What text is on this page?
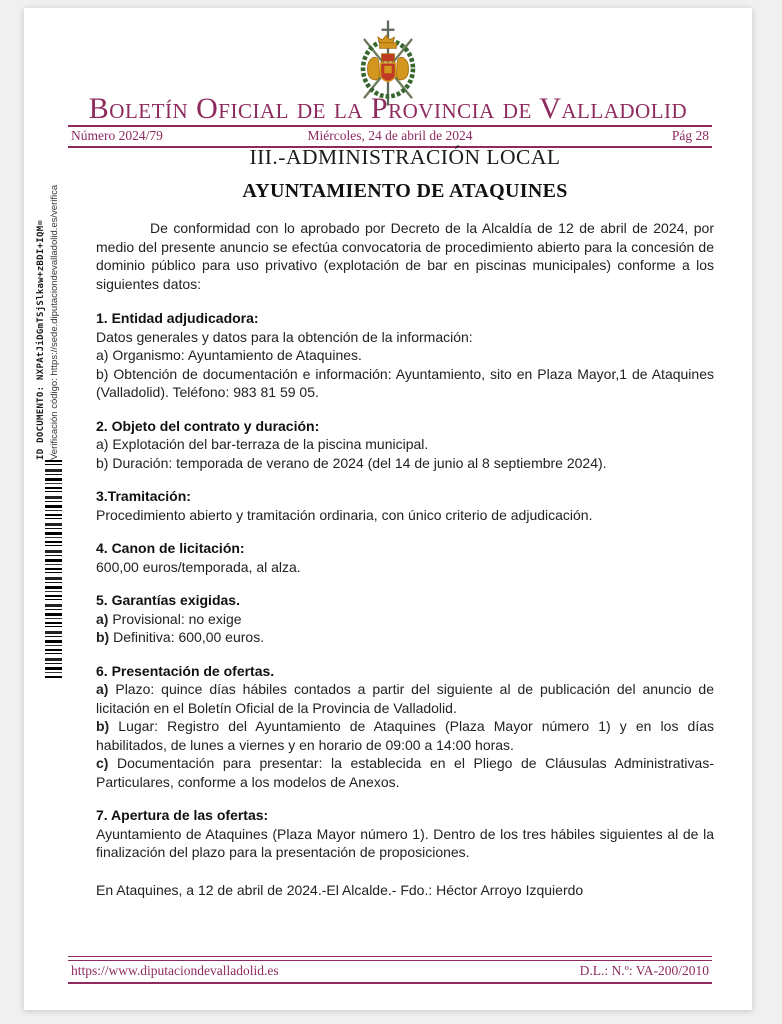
Boletín Oficial de la Provincia de Valladolid
Número 2024/79	Miércoles, 24 de abril de 2024	Pág 28
ID DOCUMENTO: NXPAtJiDGmTSjSlkaw+zBDI+IQM= Verificación código: https://sede.diputaciondevalladolid.es/verifica
III.-ADMINISTRACIÓN LOCAL
AYUNTAMIENTO DE ATAQUINES

De conformidad con lo aprobado por Decreto de la Alcaldía de 12 de abril de 2024, por medio del presente anuncio se efectúa convocatoria de procedimiento abierto para la concesión de dominio público para uso privativo (explotación de bar en piscinas municipales) conforme a los siguientes datos:

1. Entidad adjudicadora:

Datos generales y datos para la obtención de la información:

a) Organismo: Ayuntamiento de Ataquines.

b) Obtención de documentación e información: Ayuntamiento, sito en Plaza Mayor,1 de Ataquines (Valladolid). Teléfono: 983 81 59 05.

2. Objeto del contrato y duración:

a) Explotación del bar-terraza de la piscina municipal.

b) Duración: temporada de verano de 2024 (del 14 de junio al 8 septiembre 2024).

3.Tramitación:

Procedimiento abierto y tramitación ordinaria, con único criterio de adjudicación.

4. Canon de licitación:

600,00 euros/temporada, al alza.

5. Garantías exigidas.

a) Provisional: no exige

b) Definitiva: 600,00 euros.

6. Presentación de ofertas.

a) Plazo: quince días hábiles contados a partir del siguiente al de publicación del anuncio de licitación en el Boletín Oficial de la Provincia de Valladolid.

b) Lugar: Registro del Ayuntamiento de Ataquines (Plaza Mayor número 1) y en los días habilitados, de lunes a viernes y en horario de 09:00 a 14:00 horas.

c) Documentación para presentar: la establecida en el Pliego de Cláusulas Administrativas-Particulares, conforme a los modelos de Anexos.

7. Apertura de las ofertas:

Ayuntamiento de Ataquines (Plaza Mayor número 1). Dentro de los tres hábiles siguientes al de la finalización del plazo para la presentación de proposiciones.

En Ataquines, a 12 de abril de 2024.-El Alcalde.- Fdo.: Héctor Arroyo Izquierdo

https://www.diputaciondevalladolid.es	D.L.: N.º: VA-200/2010
